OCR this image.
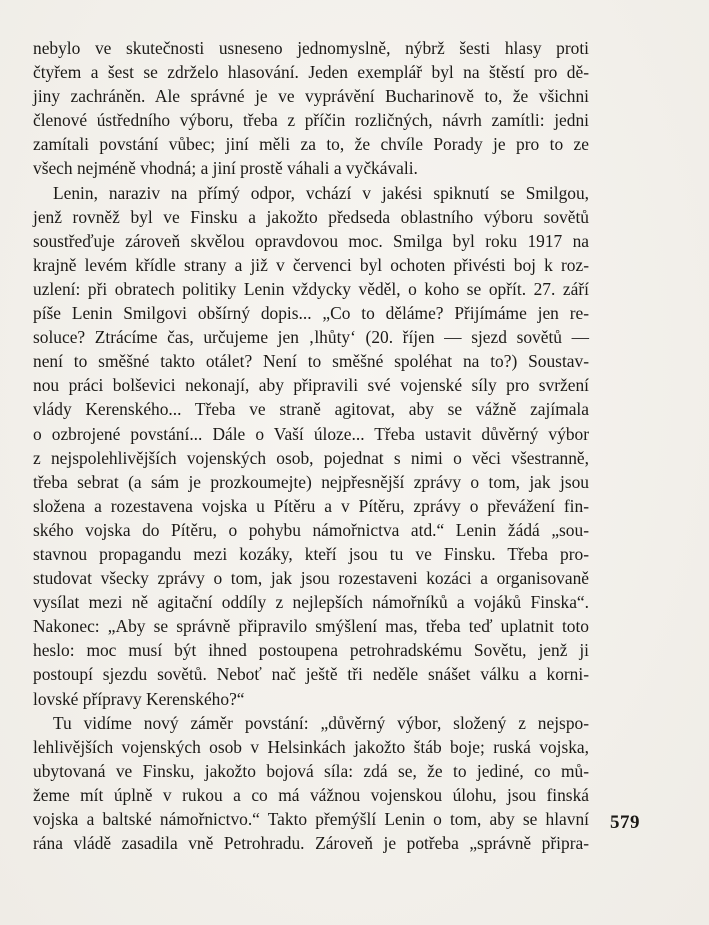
nebylo ve skutečnosti usneseno jednomyslně, nýbrž šesti hlasy proti
čtyřem a šest se zdrželo hlasování. Jeden exemplář byl na štěstí pro dě-
jiny zachráněn. Ale správné je ve vyprávění Bucharinově to, že všichni
členové ústředního výboru, třeba z příčin rozličných, návrh zamítli: jedni
zamítali povstání vůbec; jiní měli za to, že chvíle Porady je pro to ze
všech nejméně vhodná; a jiní prostě váhali a vyčkávali.
Lenin, naraziv na přímý odpor, vchází v jakési spiknutí se Smilgou,
jenž rovněž byl ve Finsku a jakožto předseda oblastního výboru sovětů
soustřeďuje zároveň skvělou opravdovou moc. Smilga byl roku 1917 na
krajně levém křídle strany a již v červenci byl ochoten přivésti boj k roz-
uzlení: při obratech politiky Lenin vždycky věděl, o koho se opřít. 27. září
píše Lenin Smilgovi obšírný dopis... „Co to děláme? Přijímáme jen re-
soluce? Ztrácíme čas, určujeme jen ‚lhůty‘ (20. říjen — sjezd sovětů —
není to směšné takto otálet? Není to směšné spoléhat na to?) Soustav-
nou práci bolševici nekonají, aby připravili své vojenské síly pro svržení
vlády Kerenského... Třeba ve straně agitovat, aby se vážně zajímala
o ozbrojené povstání... Dále o Vaší úloze... Třeba ustavit důvěrný výbor
z nejspolehlivějších vojenských osob, pojednat s nimi o věci všestranně,
třeba sebrat (a sám je prozkoumejte) nejpřesnější zprávy o tom, jak jsou
složena a rozestavena vojska u Pítěru a v Pítěru, zprávy o převážení fin-
ského vojska do Pítěru, o pohybu námořnictva atd.“ Lenin žádá „sou-
stavnou propagandu mezi kozáky, kteří jsou tu ve Finsku. Třeba pro-
studovat všecky zprávy o tom, jak jsou rozestaveni kozáci a organisovaně
vysílat mezi ně agitační oddíly z nejlepších námořníků a vojáků Finska“.
Nakonec: „Aby se správně připravilo smýšlení mas, třeba teď uplatnit toto
heslo: moc musí být ihned postoupena petrohradskému Sovětu, jenž ji
postoupí sjezdu sovětů. Neboť nač ještě tři neděle snášet válku a korni-
lovské přípravy Kerenského?“
Tu vidíme nový záměr povstání: „důvěrný výbor, složený z nejspo-
lehlivějších vojenských osob v Helsinkách jakožto štáb boje; ruská vojska,
ubytovaná ve Finsku, jakožto bojová síla: zdá se, že to jediné, co mů-
žeme mít úplně v rukou a co má vážnou vojenskou úlohu, jsou finská
vojska a baltské námořnictvo.“ Takto přemýšlí Lenin o tom, aby se hlavní
rána vládě zasadila vně Petrohradu. Zároveň je potřeba „správně připra-
579
